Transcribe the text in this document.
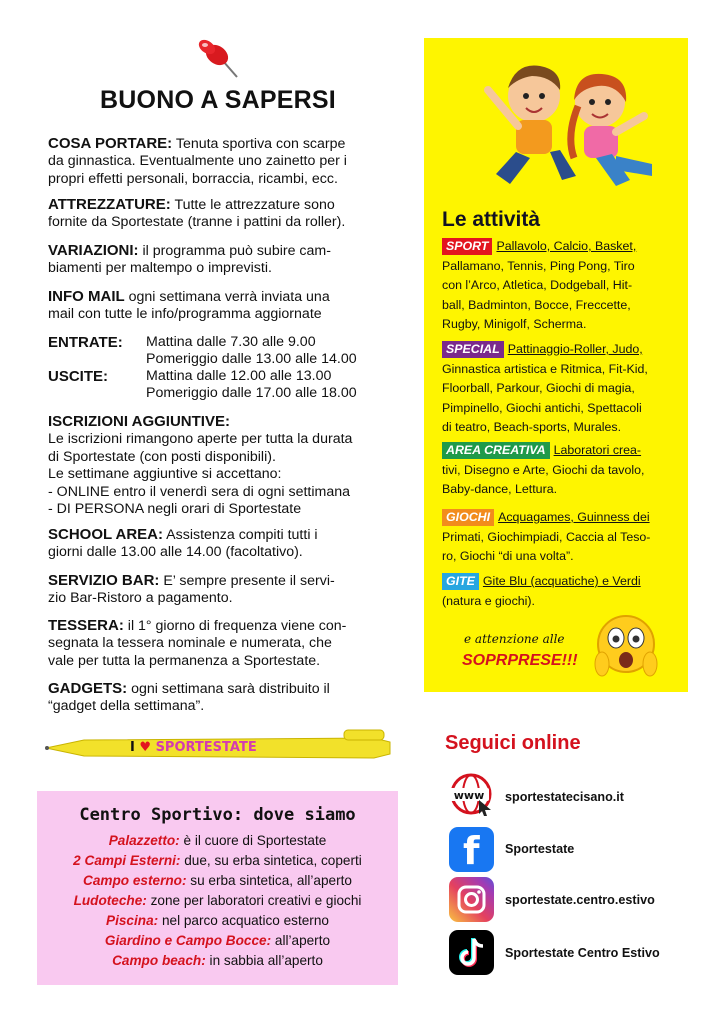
BUONO A SAPERSI
COSA PORTARE: Tenuta sportiva con scarpe
da ginnastica. Eventualmente uno zainetto per i
propri effetti personali, borraccia, ricambi, ecc.
ATTREZZATURE: Tutte le attrezzature sono
fornite da Sportestate (tranne i pattini da roller).
VARIAZIONI: il programma può subire cam-
biamenti per maltempo o imprevisti.
INFO MAIL ogni settimana verrà inviata una
mail con tutte le info/programma aggiornate
ENTRATE: Mattina dalle 7.30 alle 9.00
Pomeriggio dalle 13.00 alle 14.00
USCITE:	Mattina dalle 12.00 alle 13.00
Pomeriggio dalle 17.00 alle 18.00
ISCRIZIONI AGGIUNTIVE:
Le iscrizioni rimangono aperte per tutta la durata
di Sportestate (con posti disponibili).
Le settimane aggiuntive si accettano:
- ONLINE entro il venerdì sera di ogni settimana
- DI PERSONA negli orari di Sportestate
SCHOOL AREA: Assistenza compiti tutti i
giorni dalle 13.00 alle 14.00 (facoltativo).
SERVIZIO BAR: E’ sempre presente il servi-
zio Bar-Ristoro a pagamento.
TESSERA: il 1° giorno di frequenza viene con-
segnata la tessera nominale e numerata, che
vale per tutta la permanenza a Sportestate.
GADGETS: ogni settimana sarà distribuito il
“gadget della settimana”.
I ♥ SPORTESTATE
Centro Sportivo: dove siamo
Palazzetto: è il cuore di Sportestate
2 Campi Esterni: due, su erba sintetica, coperti
Campo esterno: su erba sintetica, all’aperto
Ludoteche: zone per laboratori creativi e giochi
Piscina: nel parco acquatico esterno
Giardino e Campo Bocce: all’aperto
Campo beach: in sabbia all’aperto
Le attività
SPORT Pallavolo, Calcio, Basket,
Pallamano, Tennis, Ping Pong, Tiro
con l’Arco, Atletica, Dodgeball, Hit-
ball, Badminton, Bocce, Freccette,
Rugby, Minigolf, Scherma.
SPECIAL Pattinaggio-Roller, Judo,
Ginnastica artistica e Ritmica, Fit-Kid,
Floorball, Parkour, Giochi di magia,
Pimpinello, Giochi antichi, Spettacoli
di teatro, Beach-sports, Murales.
AREA CREATIVA Laboratori crea-
tivi, Disegno e Arte, Giochi da tavolo,
Baby-dance, Lettura.
GIOCHI Acquagames, Guinness dei
Primati, Giochimpiadi, Caccia al Teso-
ro, Giochi “di una volta”.
GITE Gite Blu (acquatiche) e Verdi
(natura e giochi).
e attenzione alle
SOPRPRESE!!!
Seguici online
www sportestatecisano.it
f Sportestate
sportestate.centro.estivo
Sportestate Centro Estivo
